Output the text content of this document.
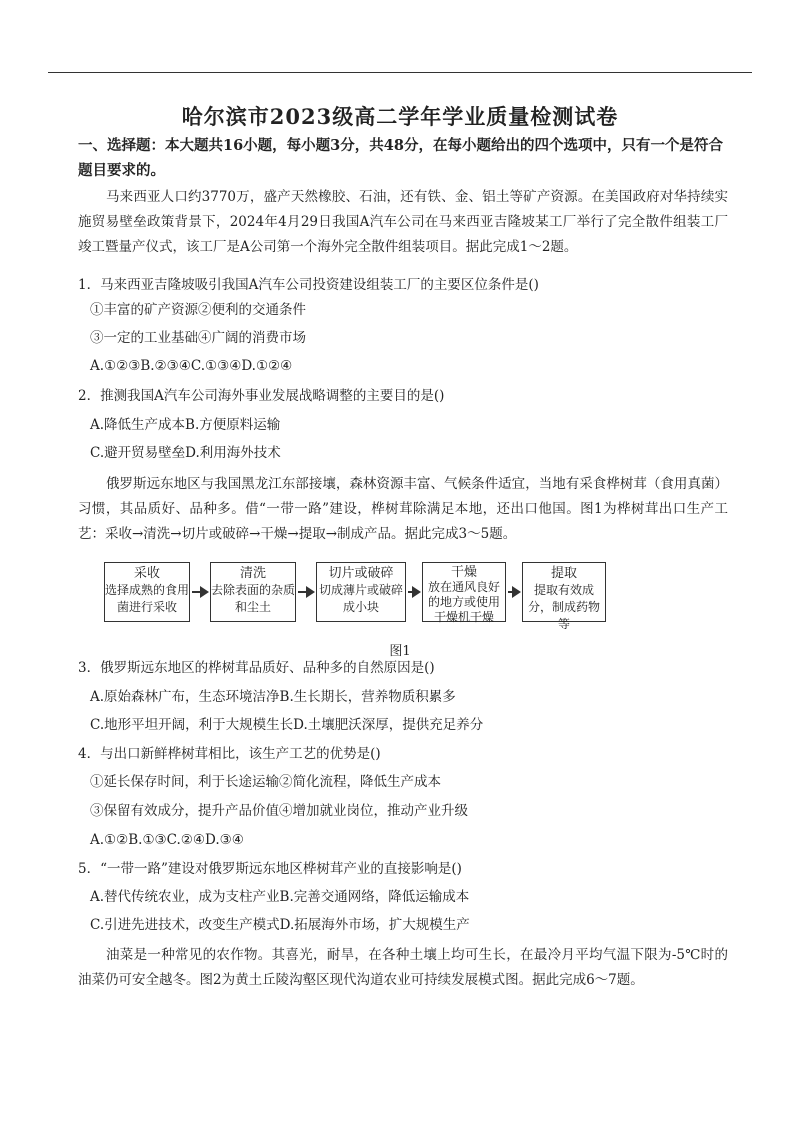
哈尔滨市2023级高二学年学业质量检测试卷
一、选择题：本大题共16小题，每小题3分，共48分，在每小题给出的四个选项中，只有一个是符合题目要求的。
马来西亚人口约3770万，盛产天然橡胶、石油，还有铁、金、铝土等矿产资源。在美国政府对华持续实施贸易壁垒政策背景下，2024年4月29日我国A汽车公司在马来西亚吉隆坡某工厂举行了完全散件组装工厂竣工暨量产仪式，该工厂是A公司第一个海外完全散件组装项目。据此完成1～2题。
1．马来西亚吉隆坡吸引我国A汽车公司投资建设组装工厂的主要区位条件是()
①丰富的矿产资源②便利的交通条件
③一定的工业基础④广阔的消费市场
A.①②③B.②③④C.①③④D.①②④
2．推测我国A汽车公司海外事业发展战略调整的主要目的是()
A.降低生产成本B.方便原料运输
C.避开贸易壁垒D.利用海外技术
俄罗斯远东地区与我国黑龙江东部接壤，森林资源丰富、气候条件适宜，当地有采食桦树茸（食用真菌）习惯，其品质好、品种多。借“一带一路”建设，桦树茸除满足本地，还出口他国。图1为桦树茸出口生产工艺：采收→清洗→切片或破碎→干燥→提取→制成产品。据此完成3～5题。
采收
选择成熟的食用菌进行采收
清洗
去除表面的杂质和尘土
切片或破碎
切成薄片或破碎成小块
干燥
放在通风良好的地方或使用干燥机干燥
提取
提取有效成分，制成药物等
图1
3．俄罗斯远东地区的桦树茸品质好、品种多的自然原因是()
A.原始森林广布，生态环境洁净B.生长期长，营养物质积累多
C.地形平坦开阔，利于大规模生长D.土壤肥沃深厚，提供充足养分
4．与出口新鲜桦树茸相比，该生产工艺的优势是()
①延长保存时间，利于长途运输②简化流程，降低生产成本
③保留有效成分，提升产品价值④增加就业岗位，推动产业升级
A.①②B.①③C.②④D.③④
5．“一带一路”建设对俄罗斯远东地区桦树茸产业的直接影响是()
A.替代传统农业，成为支柱产业B.完善交通网络，降低运输成本
C.引进先进技术，改变生产模式D.拓展海外市场，扩大规模生产
油菜是一种常见的农作物。其喜光，耐旱，在各种土壤上均可生长，在最冷月平均气温下限为-5℃时的油菜仍可安全越冬。图2为黄土丘陵沟壑区现代沟道农业可持续发展模式图。据此完成6～7题。
